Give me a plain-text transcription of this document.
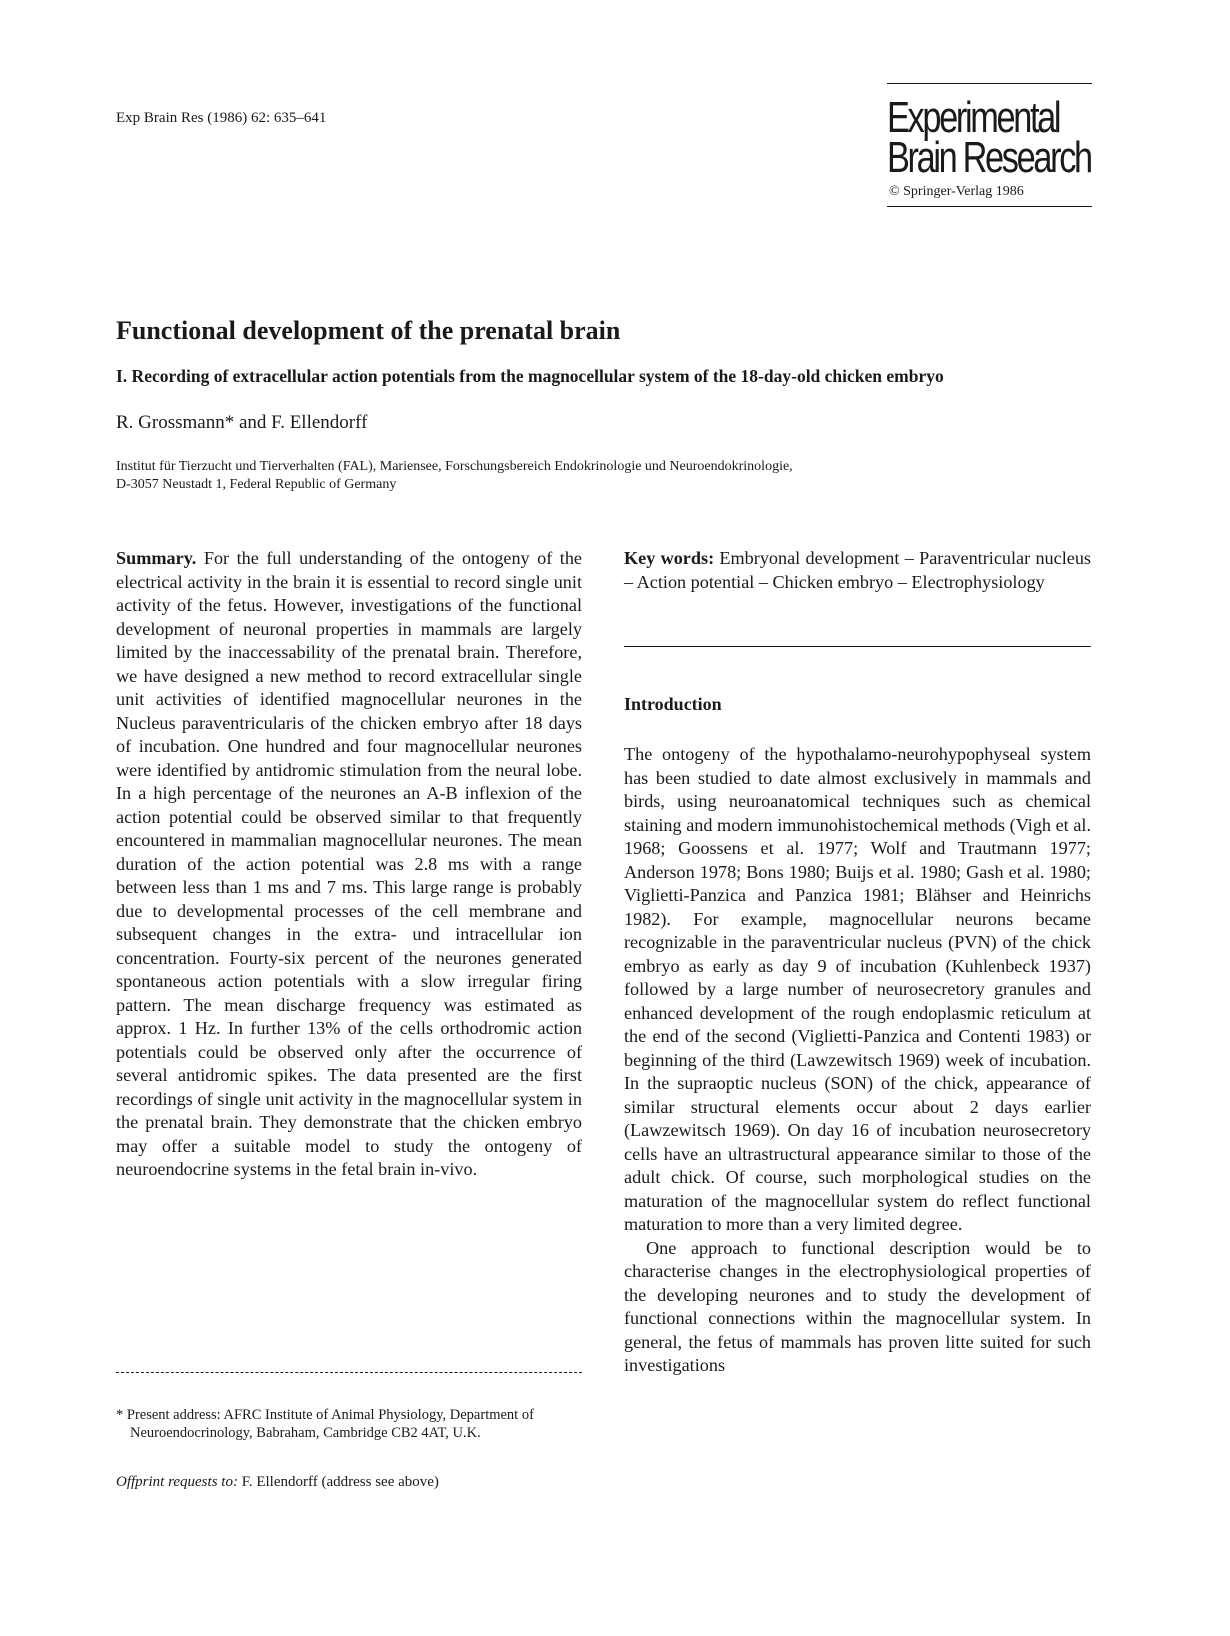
Exp Brain Res (1986) 62: 635–641	Experimental
Brain Research
© Springer-Verlag 1986
Functional development of the prenatal brain
I. Recording of extracellular action potentials from the magnocellular system of the 18-day-old chicken embryo
R. Grossmann* and F. Ellendorff
Institut für Tierzucht und Tierverhalten (FAL), Mariensee, Forschungsbereich Endokrinologie und Neuroendokrinologie,
D-3057 Neustadt 1, Federal Republic of Germany

Summary. For the full understanding of the ontogeny of the electrical activity in the brain it is essential to record single unit activity of the fetus. However, investigations of the functional development of neuronal properties in mammals are largely limited by the inaccessability of the prenatal brain. Therefore, we have designed a new method to record extracellular single unit activities of identified magnocellular neurones in the Nucleus paraventricularis of the chicken embryo after 18 days of incubation. One hundred and four magnocellular neurones were identified by antidromic stimulation from the neural lobe. In a high percentage of the neurones an A-B inflexion of the action potential could be observed similar to that frequently encountered in mammalian magnocellular neurones. The mean duration of the action potential was 2.8 ms with a range between less than 1 ms and 7 ms. This large range is probably due to developmental processes of the cell membrane and subsequent changes in the extra- und intracellular ion concentration. Fourty-six percent of the neurones generated spontaneous action potentials with a slow irregular firing pattern. The mean discharge frequency was estimated as approx. 1 Hz. In further 13% of the cells orthodromic action potentials could be observed only after the occurrence of several antidromic spikes. The data presented are the first recordings of single unit activity in the magnocellular system in the prenatal brain. They demonstrate that the chicken embryo may offer a suitable model to study the ontogeny of neuroendocrine systems in the fetal brain in-vivo.

Key words: Embryonal development – Paraventricular nucleus – Action potential – Chicken embryo – Electrophysiology

Introduction

The ontogeny of the hypothalamo-neurohypophyseal system has been studied to date almost exclusively in mammals and birds, using neuroanatomical techniques such as chemical staining and modern immunohistochemical methods (Vigh et al. 1968; Goossens et al. 1977; Wolf and Trautmann 1977; Anderson 1978; Bons 1980; Buijs et al. 1980; Gash et al. 1980; Viglietti-Panzica and Panzica 1981; Blähser and Heinrichs 1982). For example, magnocellular neurons became recognizable in the paraventricular nucleus (PVN) of the chick embryo as early as day 9 of incubation (Kuhlenbeck 1937) followed by a large number of neurosecretory granules and enhanced development of the rough endoplasmic reticulum at the end of the second (Viglietti-Panzica and Contenti 1983) or beginning of the third (Lawzewitsch 1969) week of incubation. In the supraoptic nucleus (SON) of the chick, appearance of similar structural elements occur about 2 days earlier (Lawzewitsch 1969). On day 16 of incubation neurosecretory cells have an ultrastructural appearance similar to those of the adult chick. Of course, such morphological studies on the maturation of the magnocellular system do reflect functional maturation to more than a very limited degree.

One approach to functional description would be to characterise changes in the electrophysiological properties of the developing neurones and to study the development of functional connections within the magnocellular system. In general, the fetus of mammals has proven litte suited for such investigations

* Present address: AFRC Institute of Animal Physiology, Department of Neuroendocrinology, Babraham, Cambridge CB2 4AT, U.K.
Offprint requests to: F. Ellendorff (address see above)
